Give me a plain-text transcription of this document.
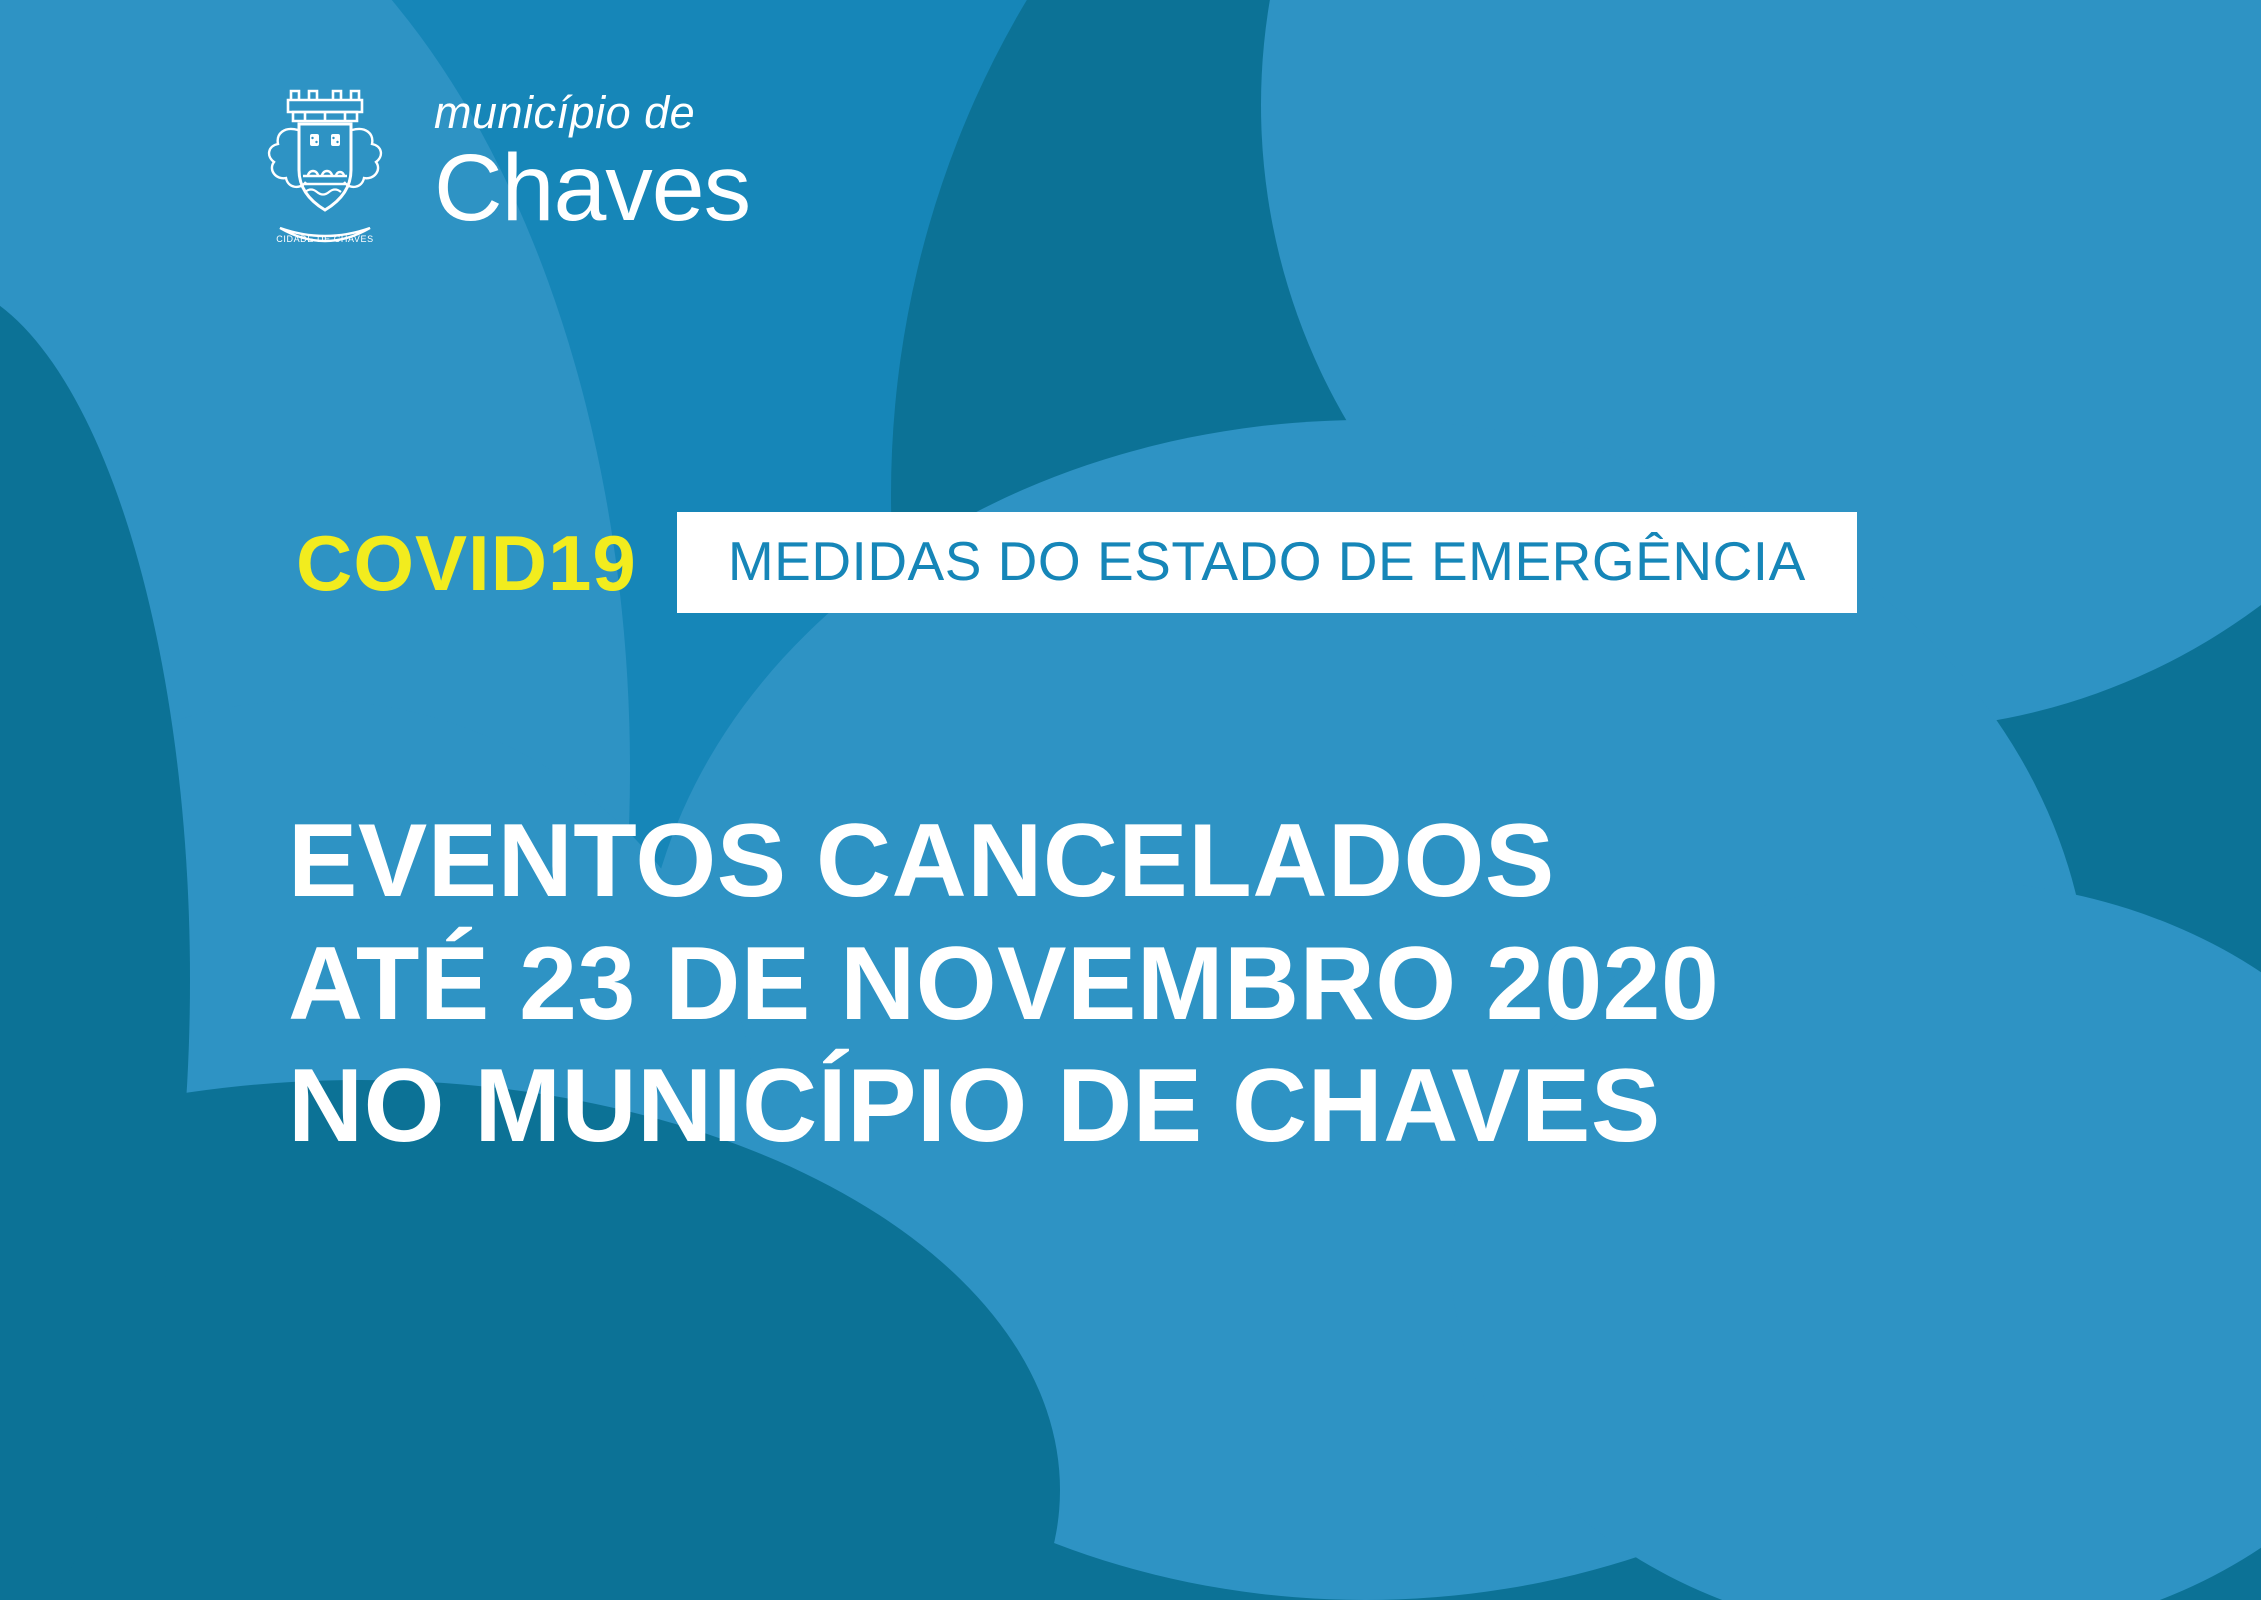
CIDADE DE CHAVES
município de
Chaves
COVID19 MEDIDAS DO ESTADO DE EMERGÊNCIA
EVENTOS CANCELADOS
ATÉ 23 DE NOVEMBRO 2020
NO MUNICÍPIO DE CHAVES
